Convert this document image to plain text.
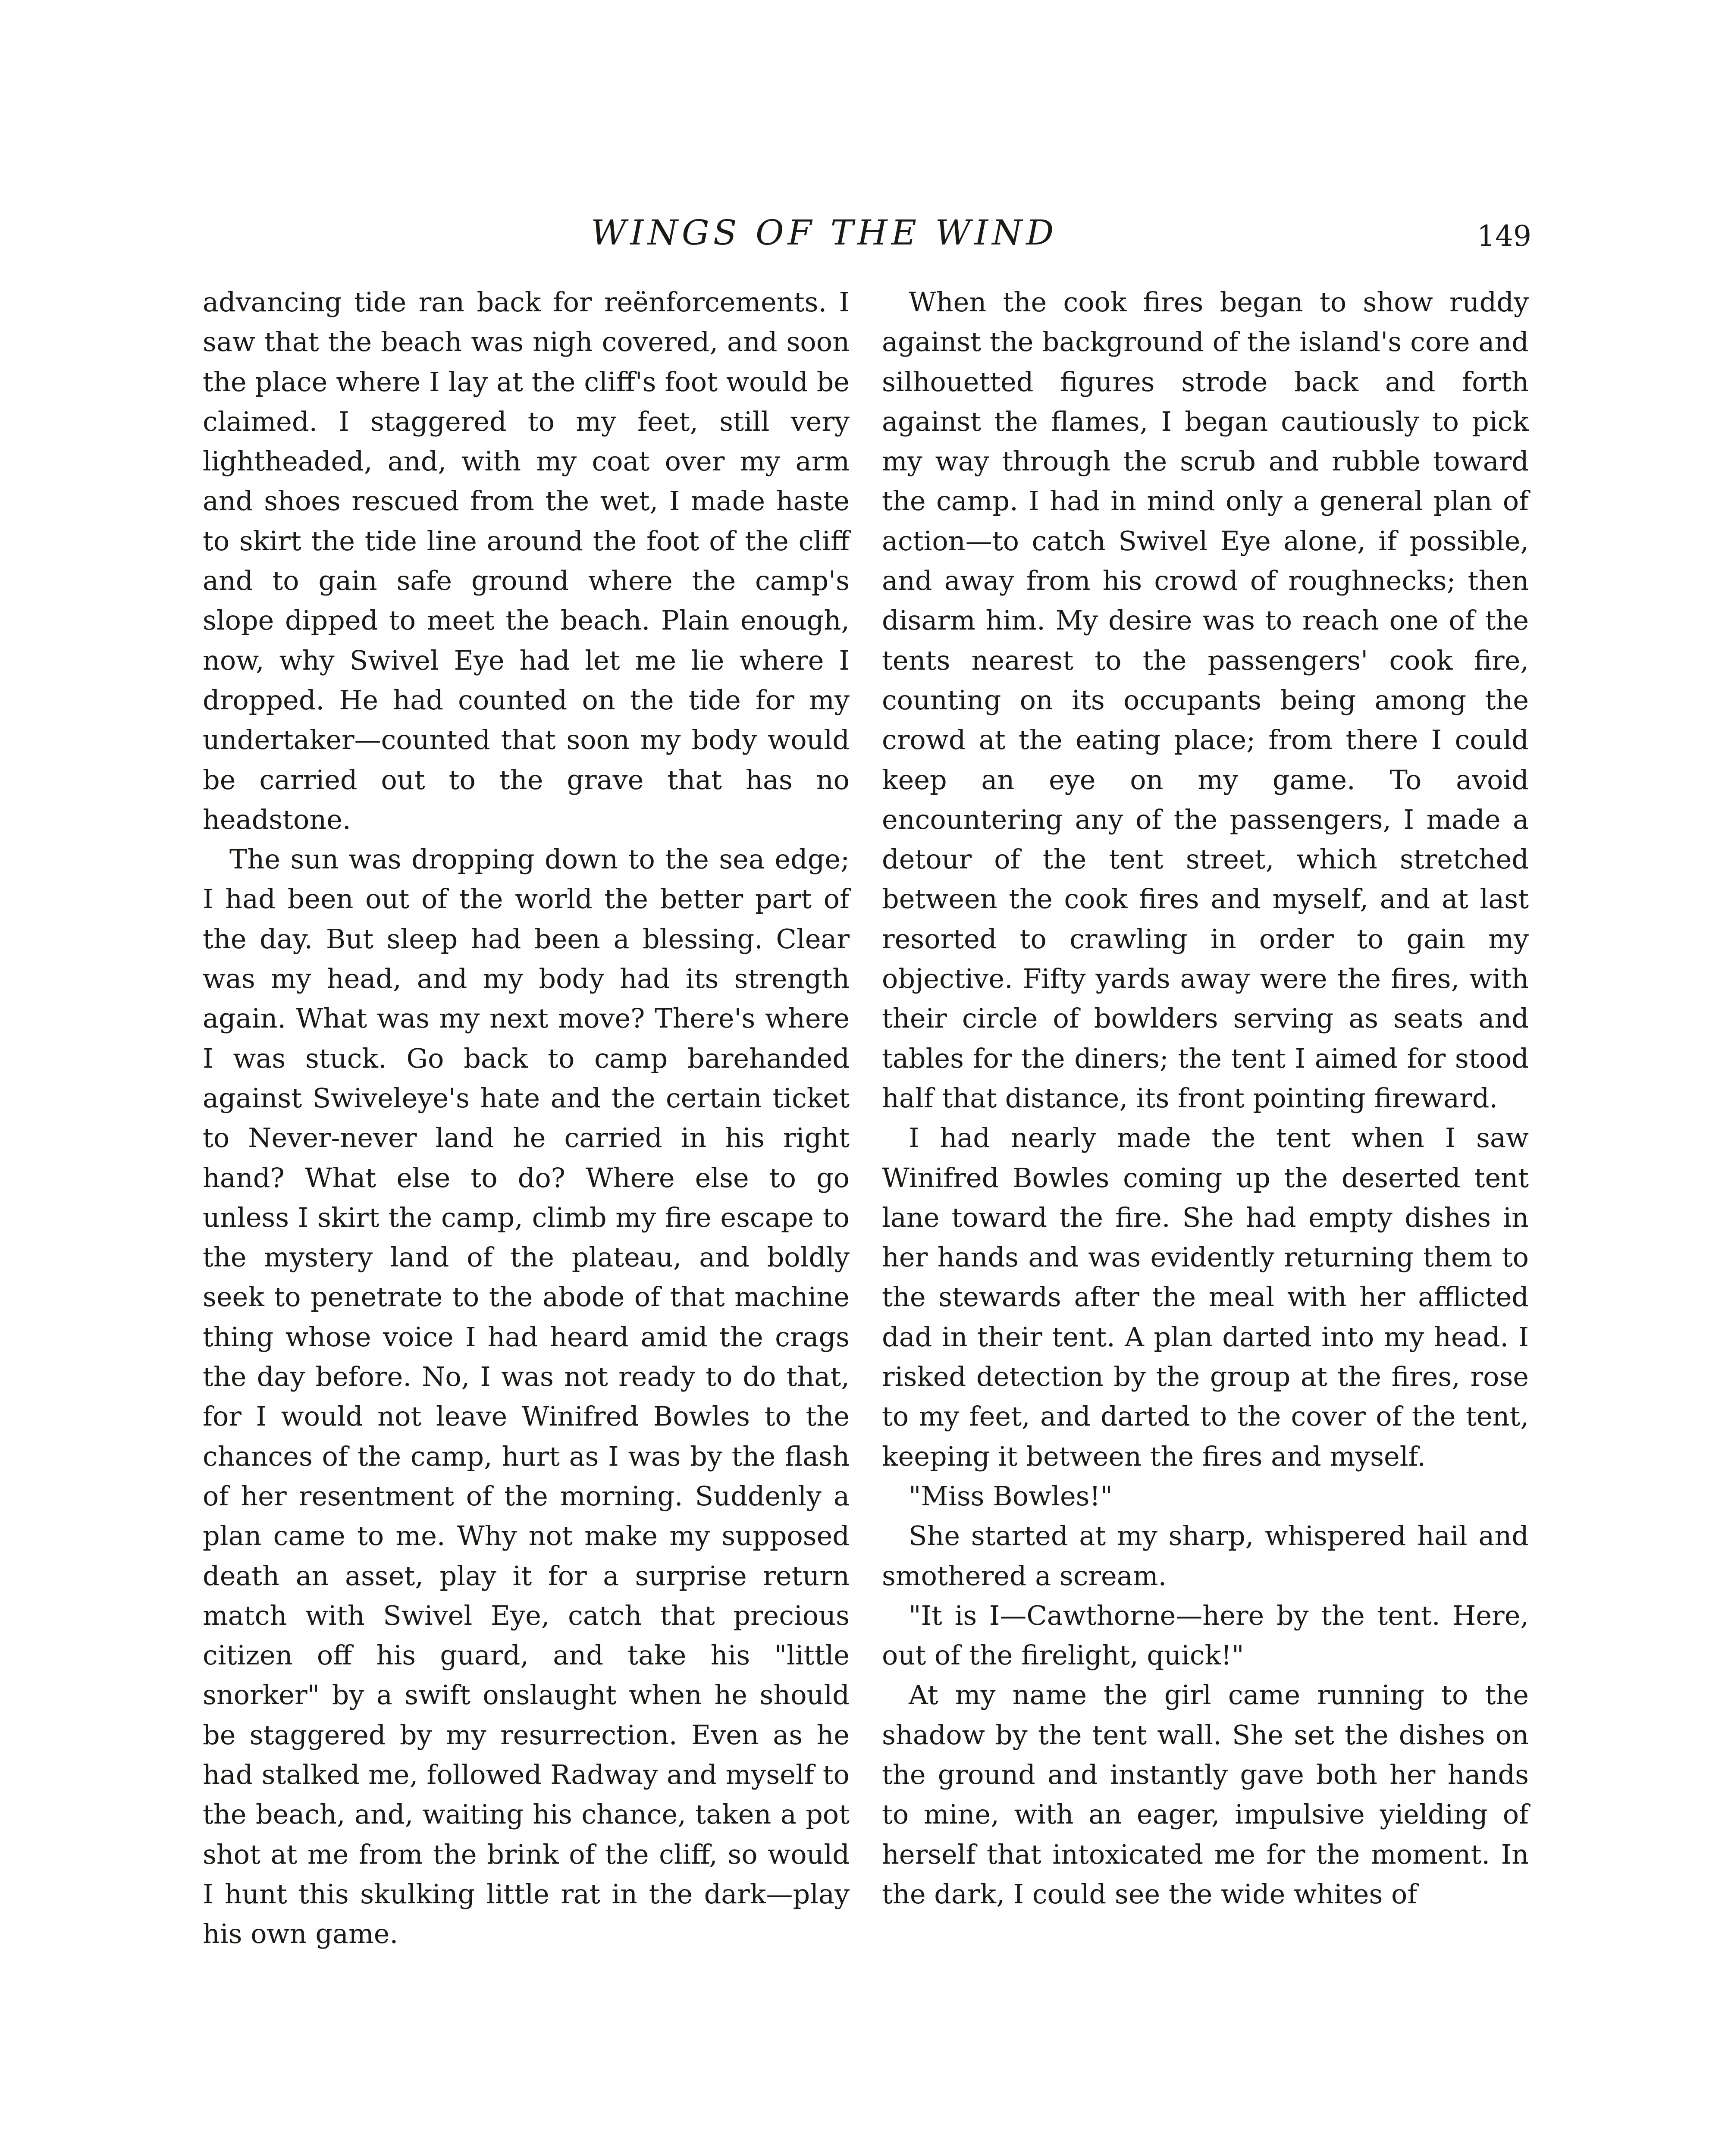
WINGS OF THE WIND	149

advancing tide ran back for reënforcements. I saw that the beach was nigh covered, and soon the place where I lay at the cliff's foot would be claimed. I staggered to my feet, still very lightheaded, and, with my coat over my arm and shoes rescued from the wet, I made haste to skirt the tide line around the foot of the cliff and to gain safe ground where the camp's slope dipped to meet the beach. Plain enough, now, why Swivel Eye had let me lie where I dropped. He had counted on the tide for my undertaker—counted that soon my body would be carried out to the grave that has no headstone.

The sun was dropping down to the sea edge; I had been out of the world the better part of the day. But sleep had been a blessing. Clear was my head, and my body had its strength again. What was my next move? There's where I was stuck. Go back to camp barehanded against Swiveleye's hate and the certain ticket to Never-never land he carried in his right hand? What else to do? Where else to go unless I skirt the camp, climb my fire escape to the mystery land of the plateau, and boldly seek to penetrate to the abode of that machine thing whose voice I had heard amid the crags the day before. No, I was not ready to do that, for I would not leave Winifred Bowles to the chances of the camp, hurt as I was by the flash of her resentment of the morning. Suddenly a plan came to me. Why not make my supposed death an asset, play it for a surprise return match with Swivel Eye, catch that precious citizen off his guard, and take his "little snorker" by a swift onslaught when he should be staggered by my resurrection. Even as he had stalked me, followed Radway and myself to the beach, and, waiting his chance, taken a pot shot at me from the brink of the cliff, so would I hunt this skulking little rat in the dark—play his own game.

When the cook fires began to show ruddy against the background of the island's core and silhouetted figures strode back and forth against the flames, I began cautiously to pick my way through the scrub and rubble toward the camp. I had in mind only a general plan of action—to catch Swivel Eye alone, if possible, and away from his crowd of roughnecks; then disarm him. My desire was to reach one of the tents nearest to the passengers' cook fire, counting on its occupants being among the crowd at the eating place; from there I could keep an eye on my game. To avoid encountering any of the passengers, I made a detour of the tent street, which stretched between the cook fires and myself, and at last resorted to crawling in order to gain my objective. Fifty yards away were the fires, with their circle of bowlders serving as seats and tables for the diners; the tent I aimed for stood half that distance, its front pointing fireward.

I had nearly made the tent when I saw Winifred Bowles coming up the deserted tent lane toward the fire. She had empty dishes in her hands and was evidently returning them to the stewards after the meal with her afflicted dad in their tent. A plan darted into my head. I risked detection by the group at the fires, rose to my feet, and darted to the cover of the tent, keeping it between the fires and myself.

"Miss Bowles!"

She started at my sharp, whispered hail and smothered a scream.

"It is I—Cawthorne—here by the tent. Here, out of the firelight, quick!"

At my name the girl came running to the shadow by the tent wall. She set the dishes on the ground and instantly gave both her hands to mine, with an eager, impulsive yielding of herself that intoxicated me for the moment. In the dark, I could see the wide whites of
